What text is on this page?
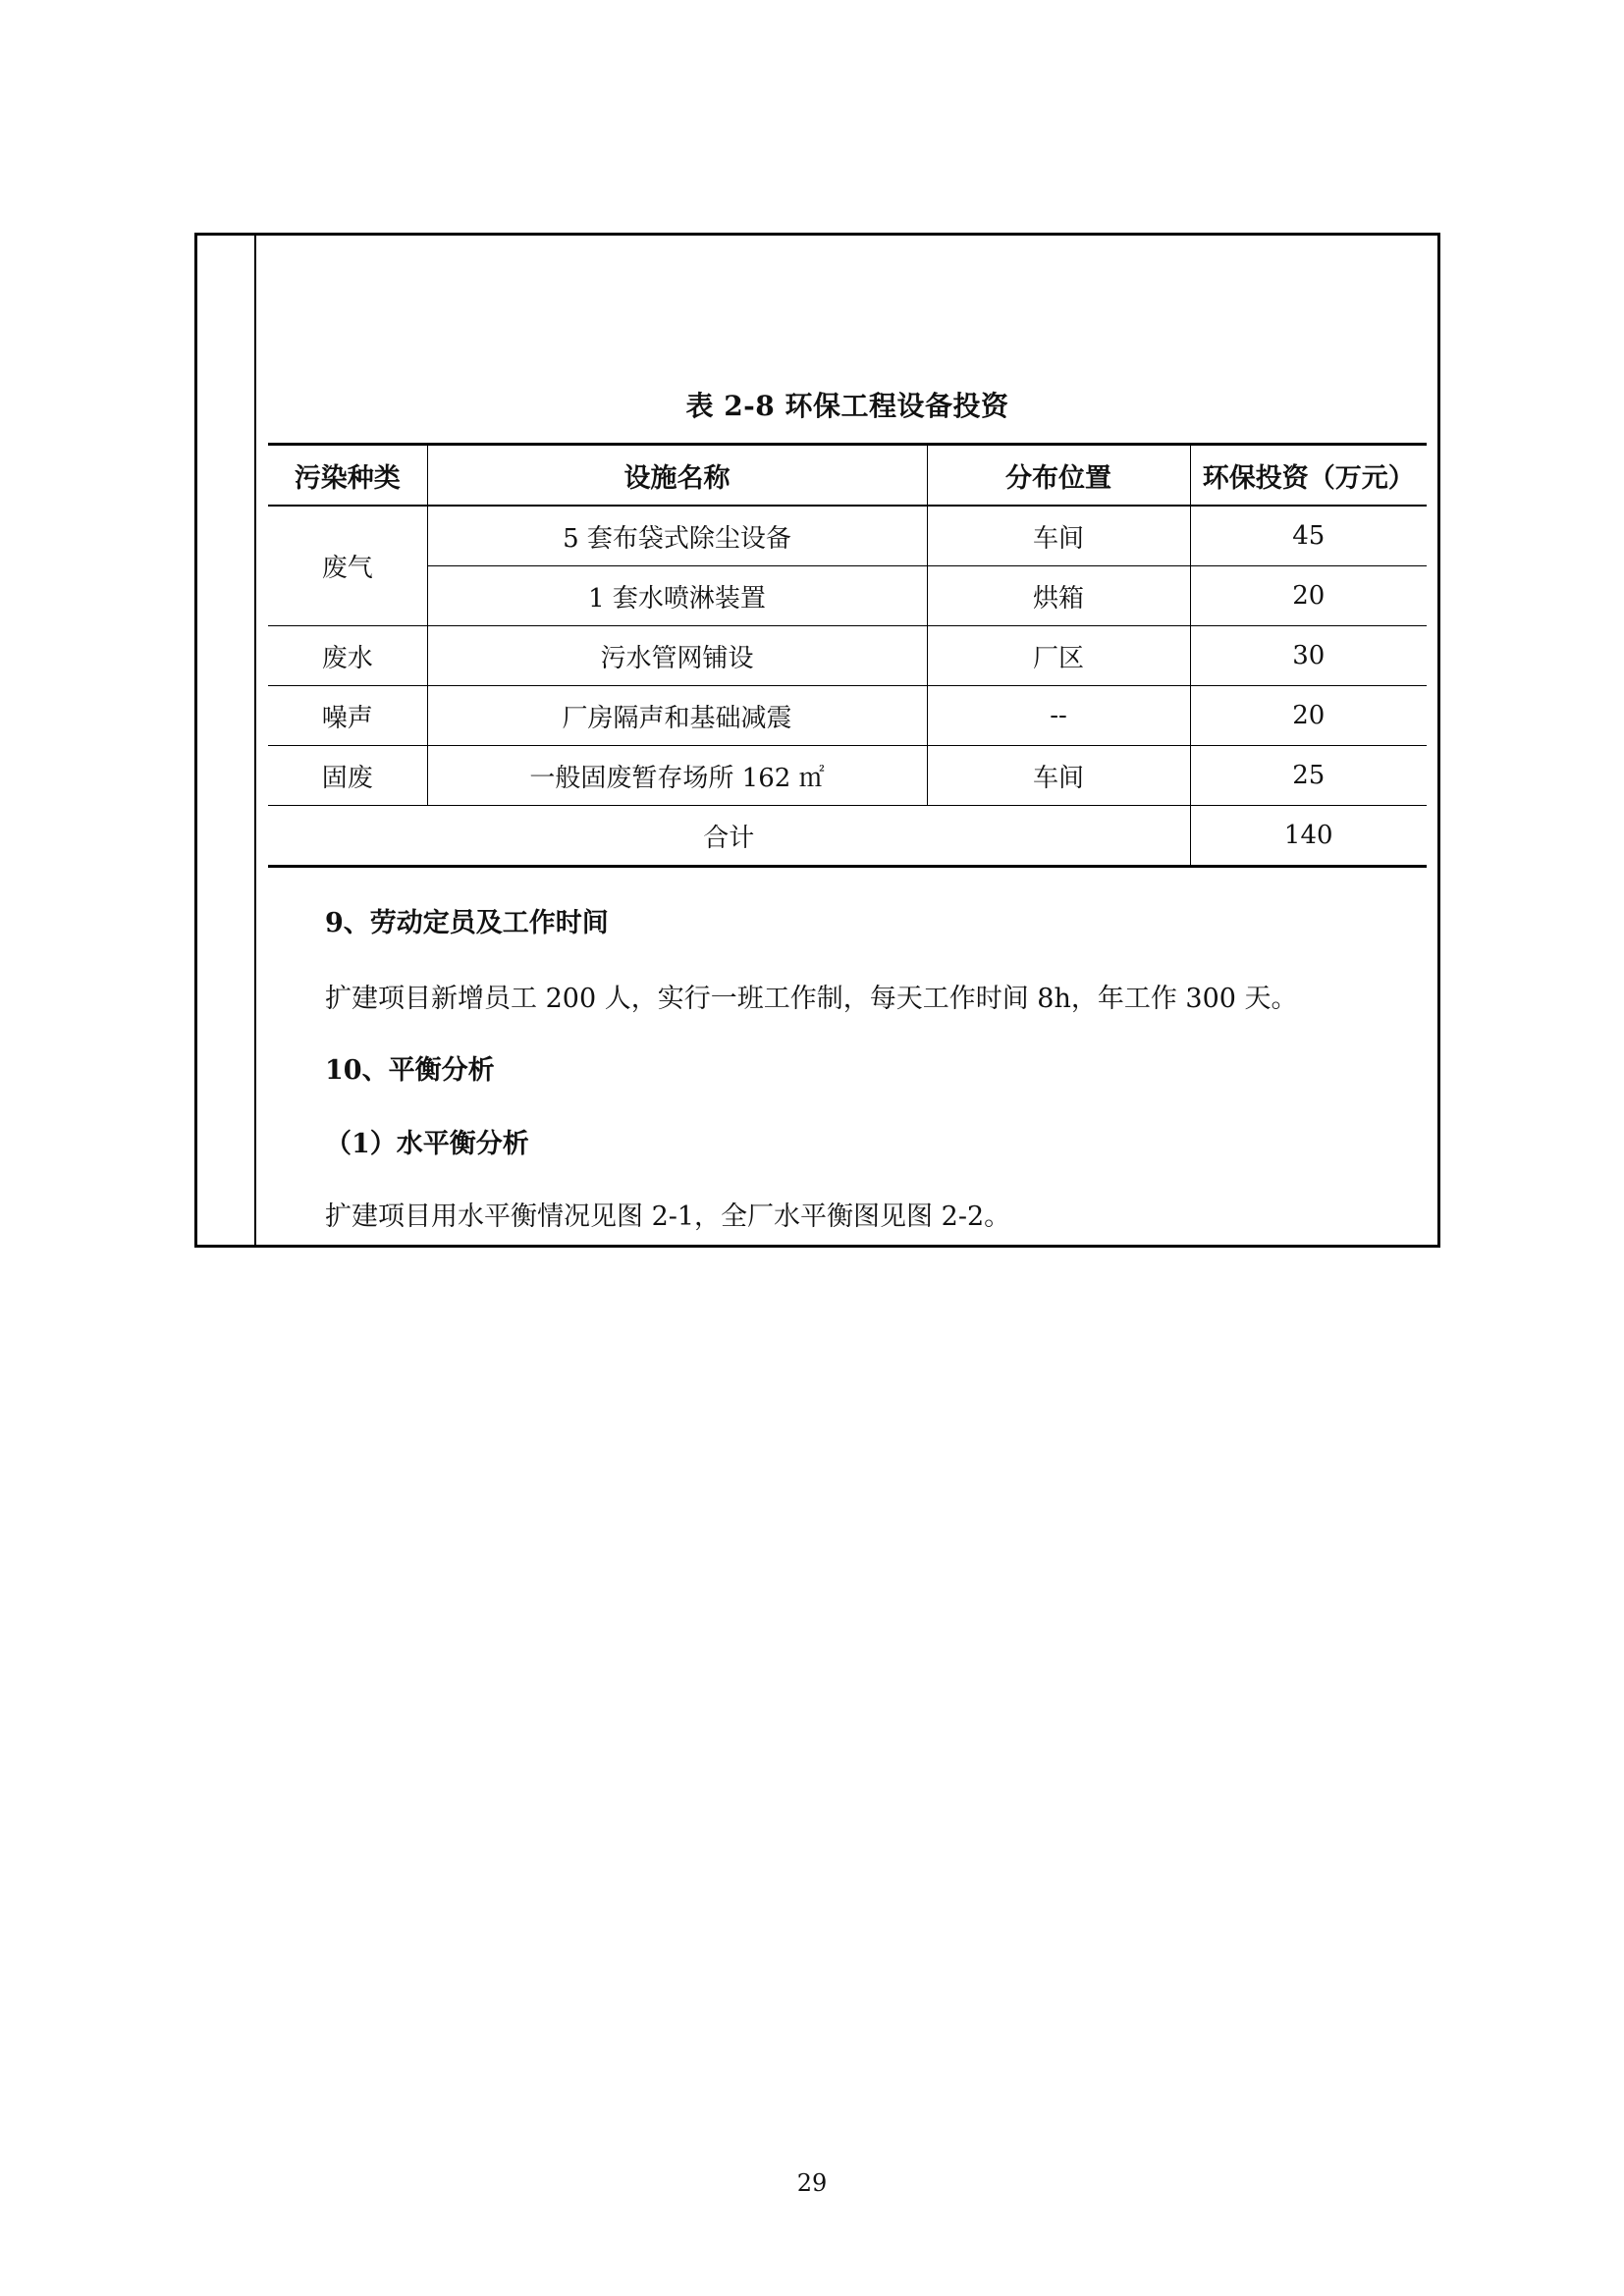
表 2-8 环保工程设备投资
污染种类	设施名称	分布位置	环保投资（万元）
废气	5 套布袋式除尘设备	车间	45
	1 套水喷淋装置	烘箱	20
废水	污水管网铺设	厂区	30
噪声	厂房隔声和基础减震	--	20
固废	一般固废暂存场所 162 ㎡	车间	25
合计			140
9、劳动定员及工作时间
扩建项目新增员工 200 人，实行一班工作制，每天工作时间 8h，年工作 300 天。
10、平衡分析
（1）水平衡分析
扩建项目用水平衡情况见图 2-1，全厂水平衡图见图 2-2。
29
